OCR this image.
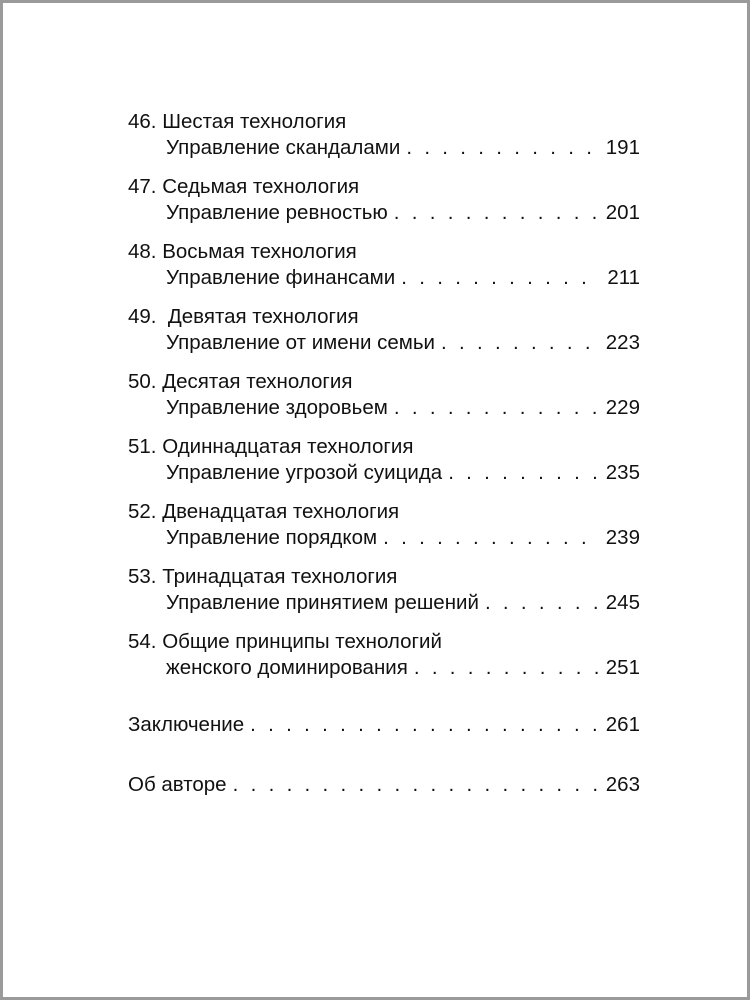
46.
Шестая технология
Управление скандалами . . .	191
47.
Седьмая технология
Управление ревностью . . .	201
48.
Восьмая технология
Управление финансами . . .	211
49.
Девятая технология
Управление от имени семьи . . .	223
50.
Десятая технология
Управление здоровьем . . .	229
51.
Одиннадцатая технология
Управление угрозой суицида . . .	235
52.
Двенадцатая технология
Управление порядком . . .	239
53.
Тринадцатая технология
Управление принятием решений . . .	245
54.
Общие принципы технологий
женского доминирования . . .	251
Заключение . . .	261
Об авторе . . .	263
